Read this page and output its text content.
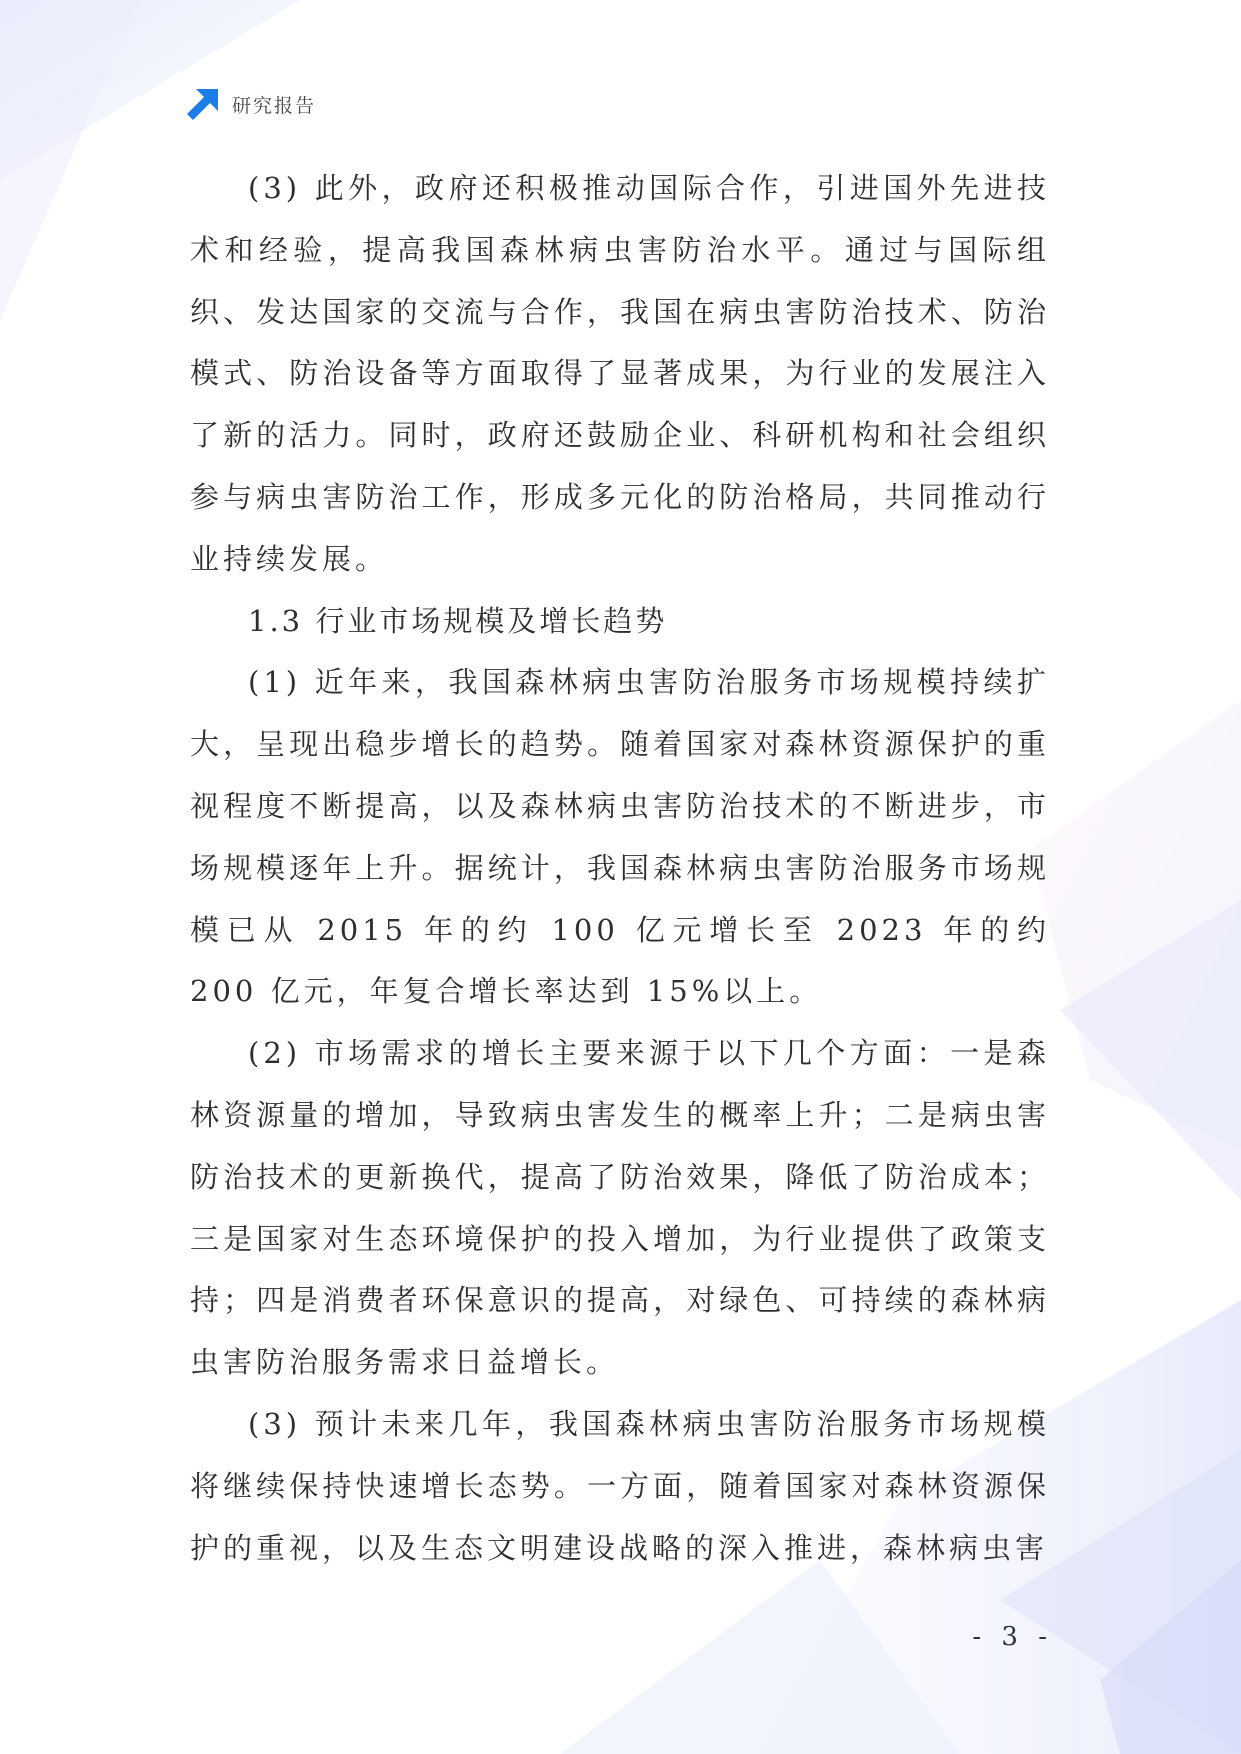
研究报告

(3) 此外，政府还积极推动国际合作，引进国外先进技术和经验，提高我国森林病虫害防治水平。通过与国际组织、发达国家的交流与合作，我国在病虫害防治技术、防治模式、防治设备等方面取得了显著成果，为行业的发展注入了新的活力。同时，政府还鼓励企业、科研机构和社会组织参与病虫害防治工作，形成多元化的防治格局，共同推动行业持续发展。

1.3 行业市场规模及增长趋势

(1) 近年来，我国森林病虫害防治服务市场规模持续扩大，呈现出稳步增长的趋势。随着国家对森林资源保护的重视程度不断提高，以及森林病虫害防治技术的不断进步，市场规模逐年上升。据统计，我国森林病虫害防治服务市场规模已从 2015 年的约 100 亿元增长至 2023 年的约 200 亿元，年复合增长率达到 15%以上。

(2) 市场需求的增长主要来源于以下几个方面：一是森林资源量的增加，导致病虫害发生的概率上升；二是病虫害防治技术的更新换代，提高了防治效果，降低了防治成本；三是国家对生态环境保护的投入增加，为行业提供了政策支持；四是消费者环保意识的提高，对绿色、可持续的森林病虫害防治服务需求日益增长。

(3) 预计未来几年，我国森林病虫害防治服务市场规模将继续保持快速增长态势。一方面，随着国家对森林资源保护的重视，以及生态文明建设战略的深入推进，森林病虫害

- 3 -
